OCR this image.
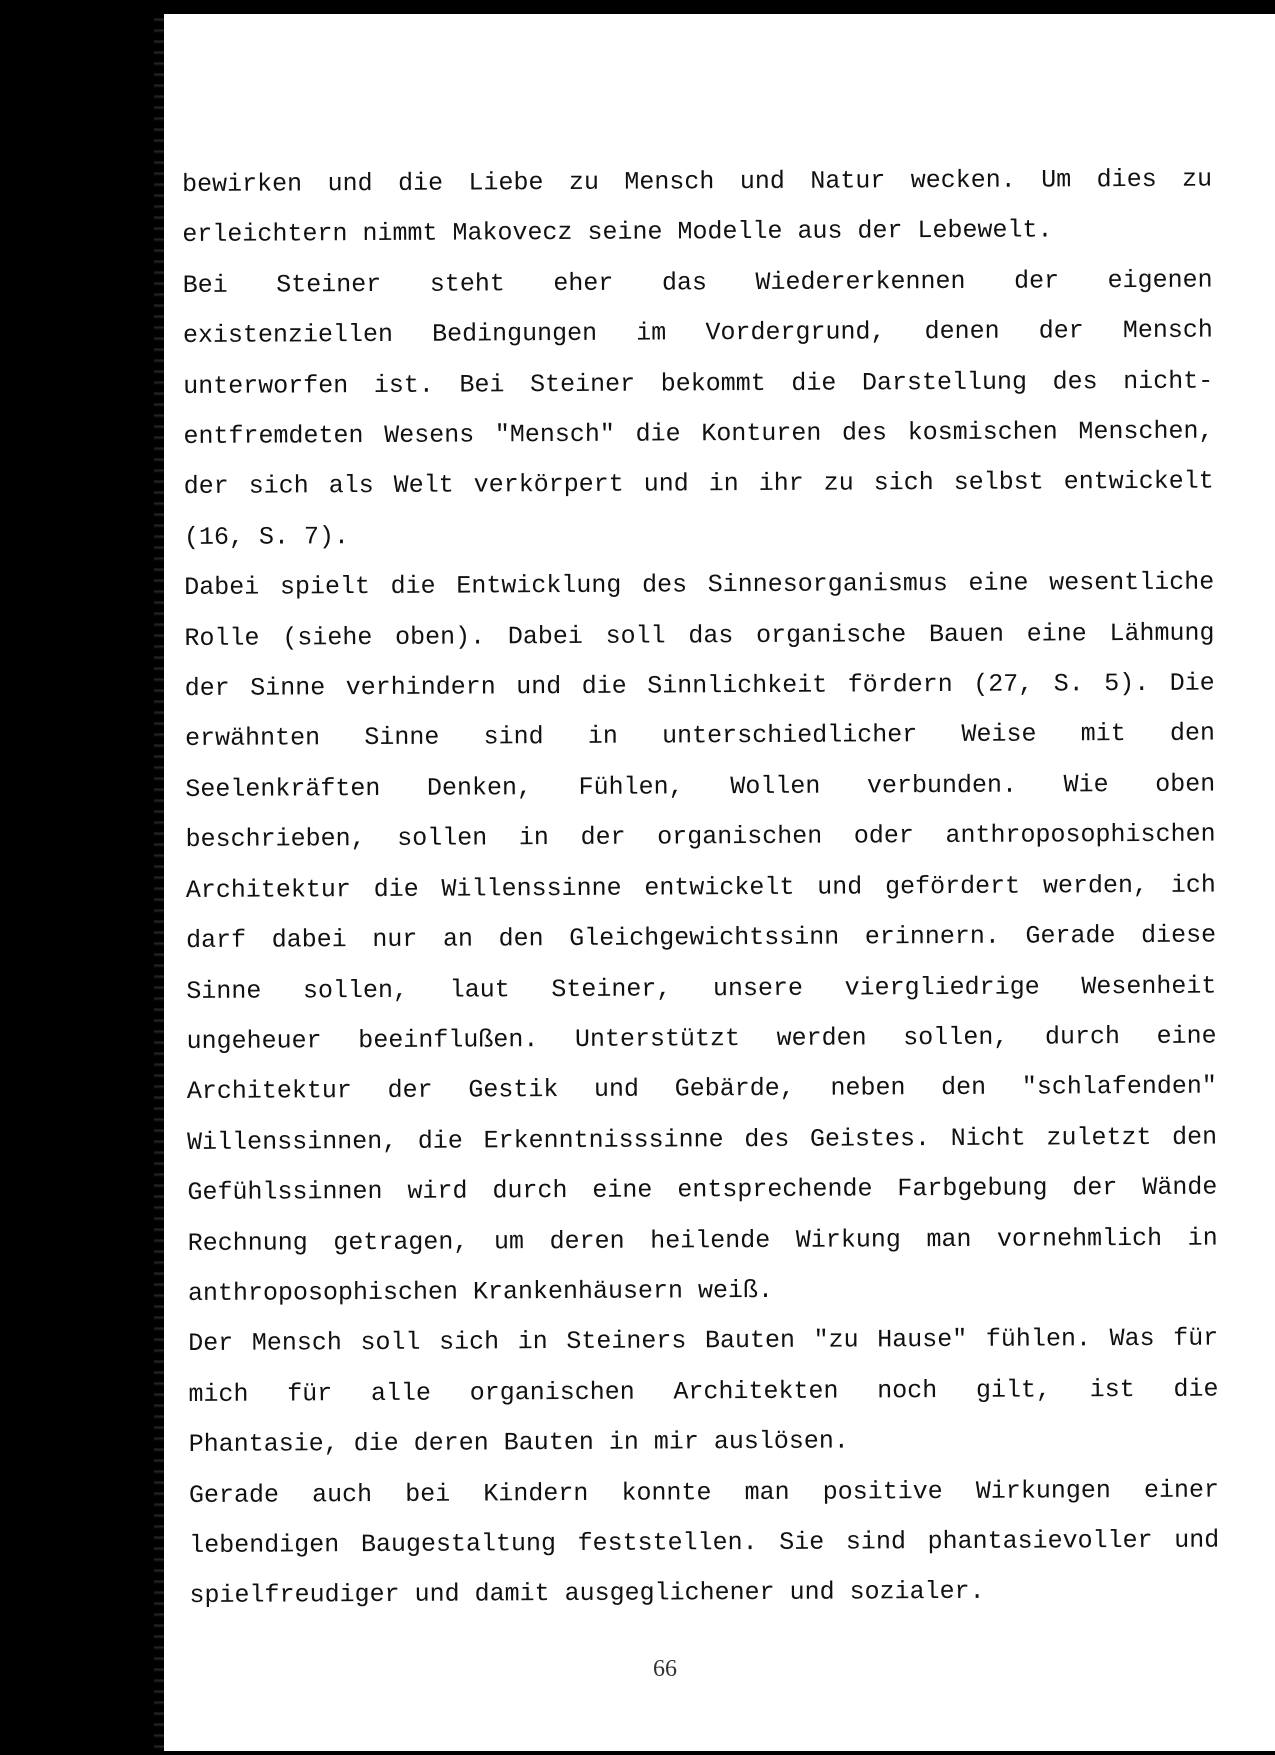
bewirken und die Liebe zu Mensch und Natur wecken. Um dies zu
erleichtern nimmt Makovecz seine Modelle aus der Lebewelt.
Bei Steiner steht eher das Wiedererkennen der eigenen
existenziellen Bedingungen im Vordergrund, denen der Mensch
unterworfen ist. Bei Steiner bekommt die Darstellung des nicht-
entfremdeten Wesens "Mensch" die Konturen des kosmischen Menschen,
der sich als Welt verkörpert und in ihr zu sich selbst entwickelt
(16, S. 7).
Dabei spielt die Entwicklung des Sinnesorganismus eine wesentliche
Rolle (siehe oben). Dabei soll das organische Bauen eine Lähmung
der Sinne verhindern und die Sinnlichkeit fördern (27, S. 5). Die
erwähnten Sinne sind in unterschiedlicher Weise mit den
Seelenkräften Denken, Fühlen, Wollen verbunden. Wie oben
beschrieben, sollen in der organischen oder anthroposophischen
Architektur die Willenssinne entwickelt und gefördert werden, ich
darf dabei nur an den Gleichgewichtssinn erinnern. Gerade diese
Sinne sollen, laut Steiner, unsere viergliedrige Wesenheit
ungeheuer beeinflußen. Unterstützt werden sollen, durch eine
Architektur der Gestik und Gebärde, neben den "schlafenden"
Willenssinnen, die Erkenntnisssinne des Geistes. Nicht zuletzt den
Gefühlssinnen wird durch eine entsprechende Farbgebung der Wände
Rechnung getragen, um deren heilende Wirkung man vornehmlich in
anthroposophischen Krankenhäusern weiß.
Der Mensch soll sich in Steiners Bauten "zu Hause" fühlen. Was für
mich für alle organischen Architekten noch gilt, ist die
Phantasie, die deren Bauten in mir auslösen.
Gerade auch bei Kindern konnte man positive Wirkungen einer
lebendigen Baugestaltung feststellen. Sie sind phantasievoller und
spielfreudiger und damit ausgeglichener und sozialer.
66
